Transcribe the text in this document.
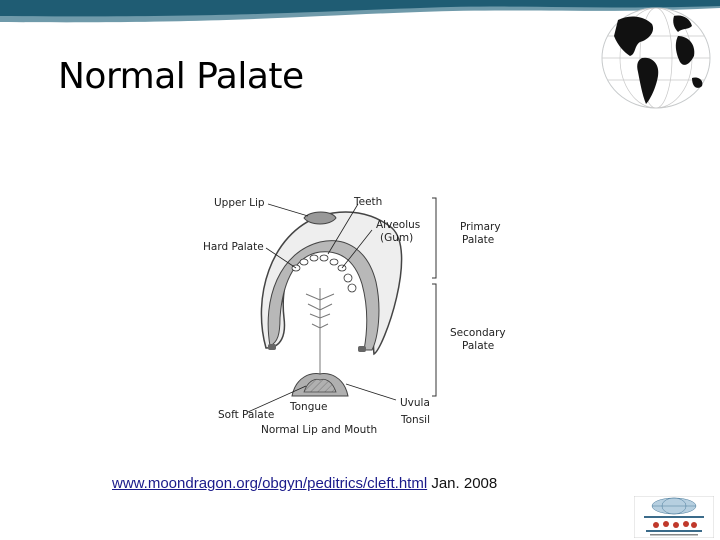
Normal Palate
Upper Lip	Teeth
Alveolus
(Gum)
Hard Palate
Primary
Palate
Secondary
Palate
Uvula
Tongue
Soft Palate	Tonsil
Normal Lip and Mouth
www.moondragon.org/obgyn/peditrics/cleft.html Jan. 2008
